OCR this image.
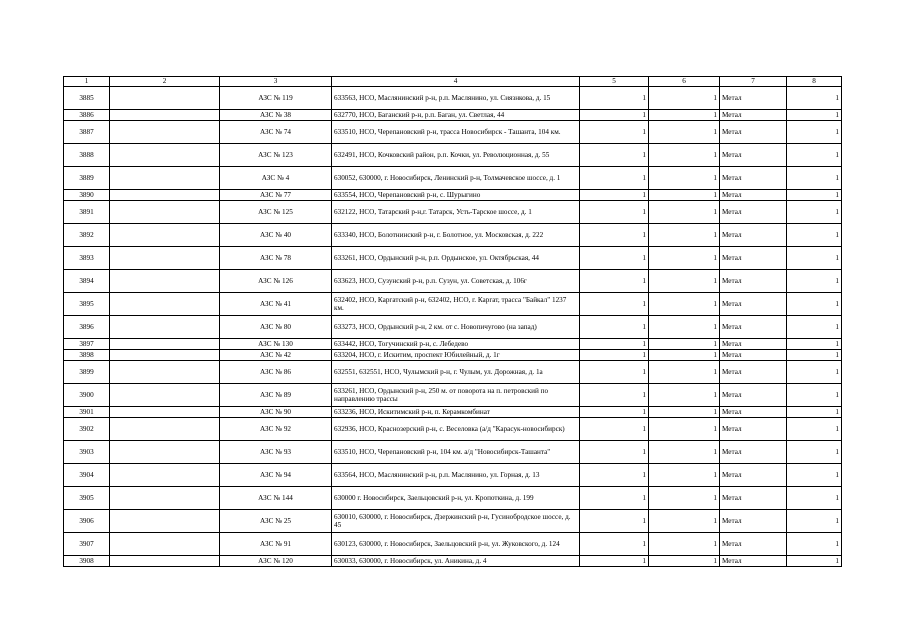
1	2	3	4	5	6	7	8
3885		АЗС № 119	633563, НСО, Маслянинский р-н, р.п. Маслянино, ул. Сиязнкова, д. 15	1	1	Метал	1
3886		АЗС № 38	632770, НСО, Баганский р-н, р.п. Баган, ул. Светлая, 44	1	1	Метал	1
3887		АЗС № 74	633510, НСО, Черепановский р-н, трасса Новосибирск - Ташанта, 104 км.	1	1	Метал	1
3888		АЗС № 123	632491, НСО, Кочковский район, р.п. Кочки, ул. Революционная, д. 55	1	1	Метал	1
3889		АЗС № 4	630052, 630000, г. Новосибирск, Ленинский р-н, Толмачевское шоссе, д. 1	1	1	Метал	1
3890		АЗС № 77	633554, НСО, Черепановский р-н, с. Шурыгино	1	1	Метал	1
3891		АЗС № 125	632122, НСО, Татарский р-н,г. Татарск, Усть-Тарское шоссе, д. 1	1	1	Метал	1
3892		АЗС № 40	633340, НСО, Болотнинский р-н, г. Болотное, ул. Московская, д. 222	1	1	Метал	1
3893		АЗС № 78	633261, НСО, Ордынский р-н, р.п. Ордынское, ул. Октябрьская, 44	1	1	Метал	1
3894		АЗС № 126	633623, НСО, Сузунский р-н, р.п. Сузун, ул. Советская, д. 106г	1	1	Метал	1
3895		АЗС № 41	632402, НСО, Каргатский р-н, 632402, НСО, г. Каргат, трасса "Байкал" 1237 км.	1	1	Метал	1
3896		АЗС № 80	633273, НСО, Ордынский р-н, 2 км. от с. Новопичугово (на запад)	1	1	Метал	1
3897		АЗС № 130	633442, НСО, Тогучинский р-н, с. Лебедево	1	1	Метал	1
3898		АЗС № 42	633204, НСО, г. Искитим, проспект Юбилейный, д. 1г	1	1	Метал	1
3899		АЗС № 86	632551, 632551, НСО, Чулымский р-н, г. Чулым, ул. Дорожная, д. 1а	1	1	Метал	1
3900		АЗС № 89	633261, НСО, Ордынский р-н, 250 м. от поворота на п. петровский по направлению трассы	1	1	Метал	1
3901		АЗС № 90	633236, НСО, Искитимский р-н, п. Керамкомбинат	1	1	Метал	1
3902		АЗС № 92	632936, НСО, Краснозерский р-н, с. Веселовка (а/д "Карасук-новосибирск)	1	1	Метал	1
3903		АЗС № 93	633510, НСО, Черепановский р-н, 104 км. а/д "Новосибирск-Ташанта"	1	1	Метал	1
3904		АЗС № 94	633564, НСО, Маслянинский р-н, р.п. Маслянино, ул. Горная, д. 13	1	1	Метал	1
3905		АЗС № 144	630000 г. Новосибирск, Заельцовский р-н, ул. Кропоткина, д. 199	1	1	Метал	1
3906		АЗС № 25	630010, 630000, г. Новосибирск, Дзержинский р-н, Гусинобродское шоссе, д. 45	1	1	Метал	1
3907		АЗС № 91	630123, 630000, г. Новосибирск, Заельцовский р-н, ул. Жуковского, д. 124	1	1	Метал	1
3908		АЗС № 120	630033, 630000, г. Новосибирск, ул. Аникина, д. 4	1	1	Метал	1
